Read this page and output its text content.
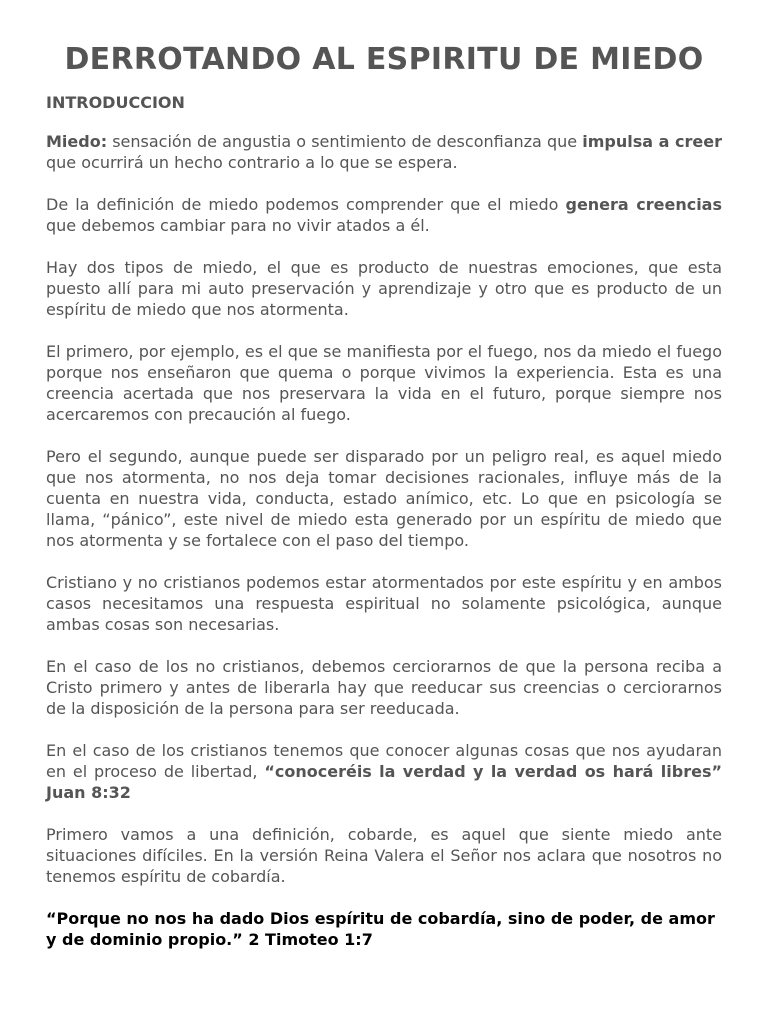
DERROTANDO AL ESPIRITU DE MIEDO
INTRODUCCION

Miedo: sensación de angustia o sentimiento de desconfianza que impulsa a creer que ocurrirá un hecho contrario a lo que se espera.

De la definición de miedo podemos comprender que el miedo genera creencias que debemos cambiar para no vivir atados a él.

Hay dos tipos de miedo, el que es producto de nuestras emociones, que esta puesto allí para mi auto preservación y aprendizaje y otro que es producto de un espíritu de miedo que nos atormenta.

El primero, por ejemplo, es el que se manifiesta por el fuego, nos da miedo el fuego porque nos enseñaron que quema o porque vivimos la experiencia. Esta es una creencia acertada que nos preservara la vida en el futuro, porque siempre nos acercaremos con precaución al fuego.

Pero el segundo, aunque puede ser disparado por un peligro real, es aquel miedo que nos atormenta, no nos deja tomar decisiones racionales, influye más de la cuenta en nuestra vida, conducta, estado anímico, etc. Lo que en psicología se llama, “pánico”, este nivel de miedo esta generado por un espíritu de miedo que nos atormenta y se fortalece con el paso del tiempo.

Cristiano y no cristianos podemos estar atormentados por este espíritu y en ambos casos necesitamos una respuesta espiritual no solamente psicológica, aunque ambas cosas son necesarias.

En el caso de los no cristianos, debemos cerciorarnos de que la persona reciba a Cristo primero y antes de liberarla hay que reeducar sus creencias o cerciorarnos de la disposición de la persona para ser reeducada.

En el caso de los cristianos tenemos que conocer algunas cosas que nos ayudaran en el proceso de libertad, “conoceréis la verdad y la verdad os hará libres” Juan 8:32

Primero vamos a una definición, cobarde, es aquel que siente miedo ante situaciones difíciles. En la versión Reina Valera el Señor nos aclara que nosotros no tenemos espíritu de cobardía.

“Porque no nos ha dado Dios espíritu de cobardía, sino de poder, de amor y de dominio propio.” 2 Timoteo 1:7
